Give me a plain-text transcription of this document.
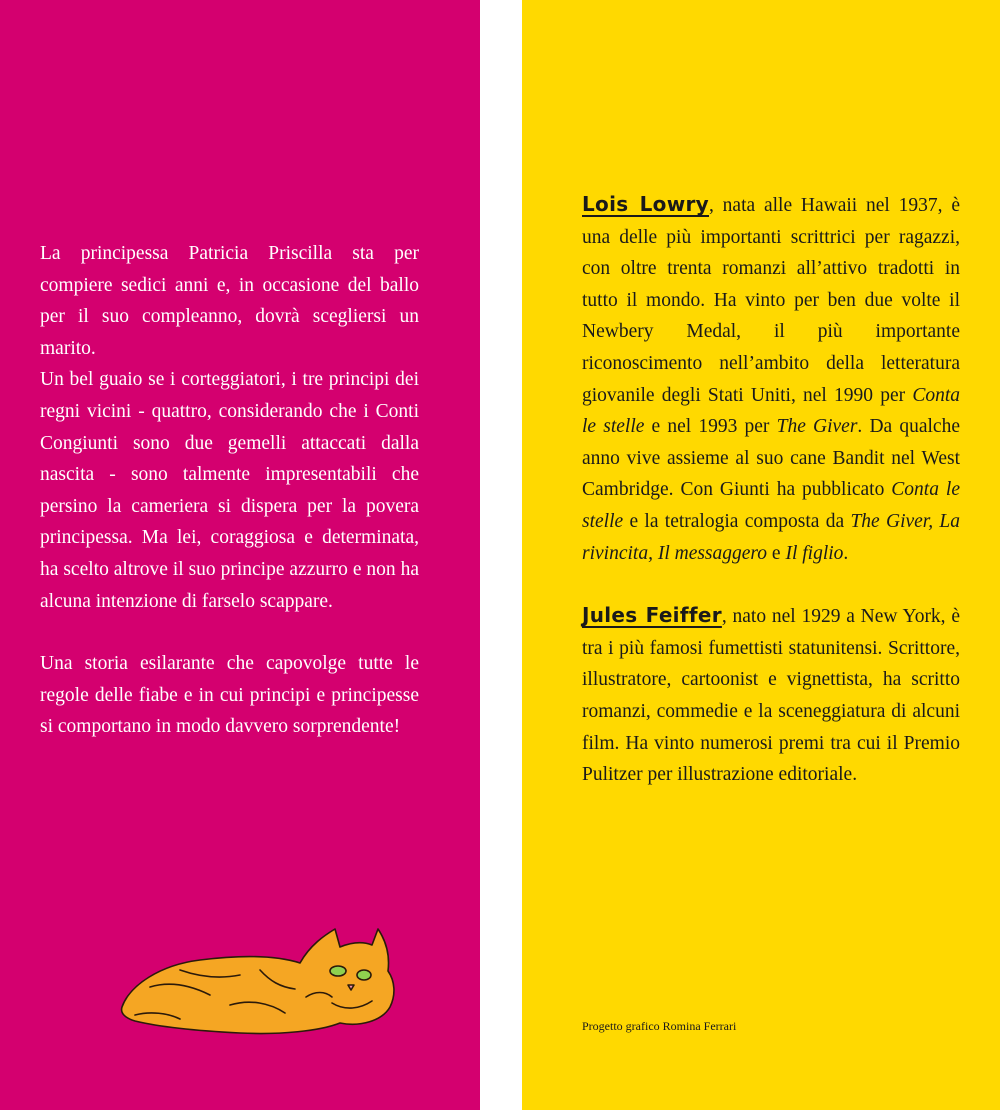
La principessa Patricia Priscilla sta per compiere sedici anni e, in occasione del ballo per il suo compleanno, dovrà scegliersi un marito.

Un bel guaio se i corteggiatori, i tre principi dei regni vicini - quattro, considerando che i Conti Congiunti sono due gemelli attaccati dalla nascita - sono talmente impresentabili che persino la cameriera si dispera per la povera principessa. Ma lei, coraggiosa e determinata, ha scelto altrove il suo principe azzurro e non ha alcuna intenzione di farselo scappare.

Una storia esilarante che capovolge tutte le regole delle fiabe e in cui principi e principesse si comportano in modo davvero sorprendente!

Lois Lowry, nata alle Hawaii nel 1937, è una delle più importanti scrittrici per ragazzi, con oltre trenta romanzi all’attivo tradotti in tutto il mondo. Ha vinto per ben due volte il Newbery Medal, il più importante riconoscimento nell’ambito della letteratura giovanile degli Stati Uniti, nel 1990 per Conta le stelle e nel 1993 per The Giver. Da qualche anno vive assieme al suo cane Bandit nel West Cambridge. Con Giunti ha pubblicato Conta le stelle e la tetralogia composta da The Giver, La rivincita, Il messaggero e Il figlio.

Jules Feiffer, nato nel 1929 a New York, è tra i più famosi fumettisti statunitensi. Scrittore, illustratore, cartoonist e vignettista, ha scritto romanzi, commedie e la sceneggiatura di alcuni film. Ha vinto numerosi premi tra cui il Premio Pulitzer per illustrazione editoriale.

Progetto grafico Romina Ferrari
